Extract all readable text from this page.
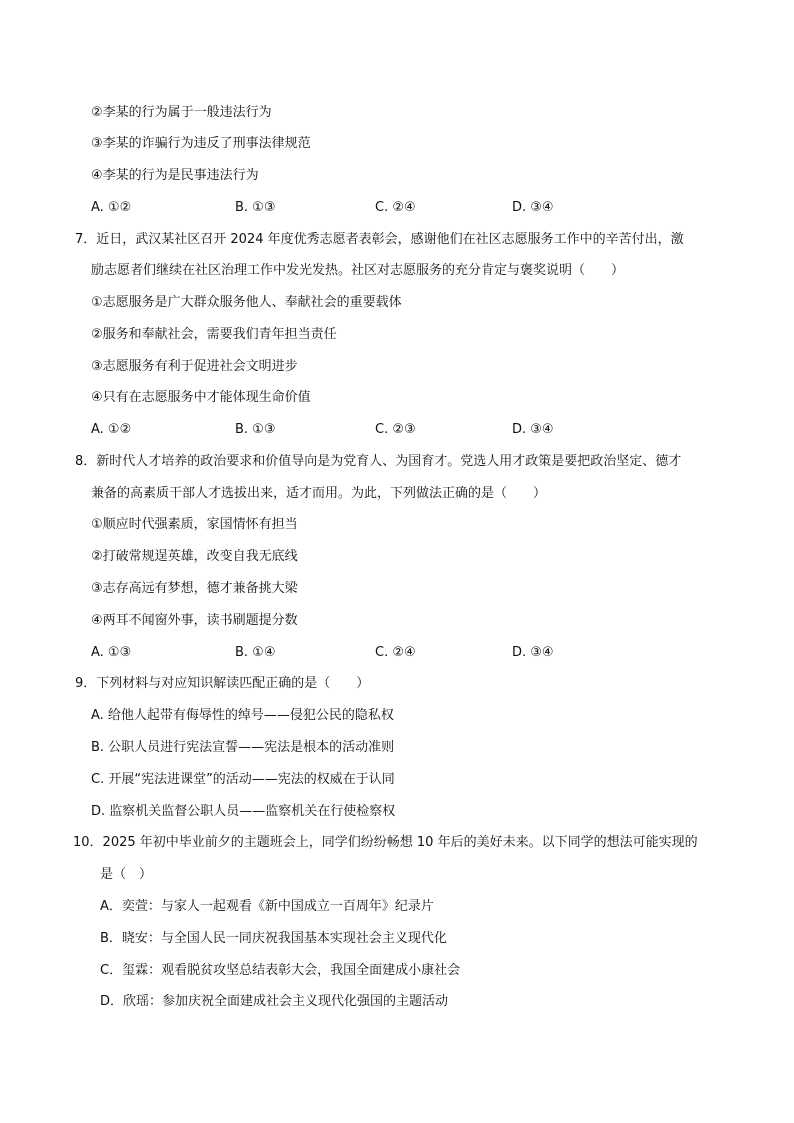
②李某的行为属于一般违法行为
③李某的诈骗行为违反了刑事法律规范
④李某的行为是民事违法行为
A. ①②	B. ①③	C. ②④	D. ③④
7．近日，武汉某社区召开 2024 年度优秀志愿者表彰会，感谢他们在社区志愿服务工作中的辛苦付出，激
励志愿者们继续在社区治理工作中发光发热。社区对志愿服务的充分肯定与褒奖说明（　　）
①志愿服务是广大群众服务他人、奉献社会的重要载体
②服务和奉献社会，需要我们青年担当责任
③志愿服务有利于促进社会文明进步
④只有在志愿服务中才能体现生命价值
A. ①②	B. ①③	C. ②③	D. ③④
8．新时代人才培养的政治要求和价值导向是为党育人、为国育才。党选人用才政策是要把政治坚定、德才
兼备的高素质干部人才选拔出来，适才而用。为此，下列做法正确的是（　　）
①顺应时代强素质，家国情怀有担当
②打破常规逞英雄，改变自我无底线
③志存高远有梦想，德才兼备挑大梁
④两耳不闻窗外事，读书刷题提分数
A. ①③	B. ①④	C. ②④	D. ③④
9．下列材料与对应知识解读匹配正确的是（　　）
A. 给他人起带有侮辱性的绰号——侵犯公民的隐私权
B. 公职人员进行宪法宣誓——宪法是根本的活动准则
C. 开展“宪法进课堂”的活动——宪法的权威在于认同
D. 监察机关监督公职人员——监察机关在行使检察权
10．2025 年初中毕业前夕的主题班会上，同学们纷纷畅想 10 年后的美好未来。以下同学的想法可能实现的
是（　）
A．奕萱：与家人一起观看《新中国成立一百周年》纪录片
B．晓安：与全国人民一同庆祝我国基本实现社会主义现代化
C．玺霖：观看脱贫攻坚总结表彰大会，我国全面建成小康社会
D．欣瑶：参加庆祝全面建成社会主义现代化强国的主题活动
